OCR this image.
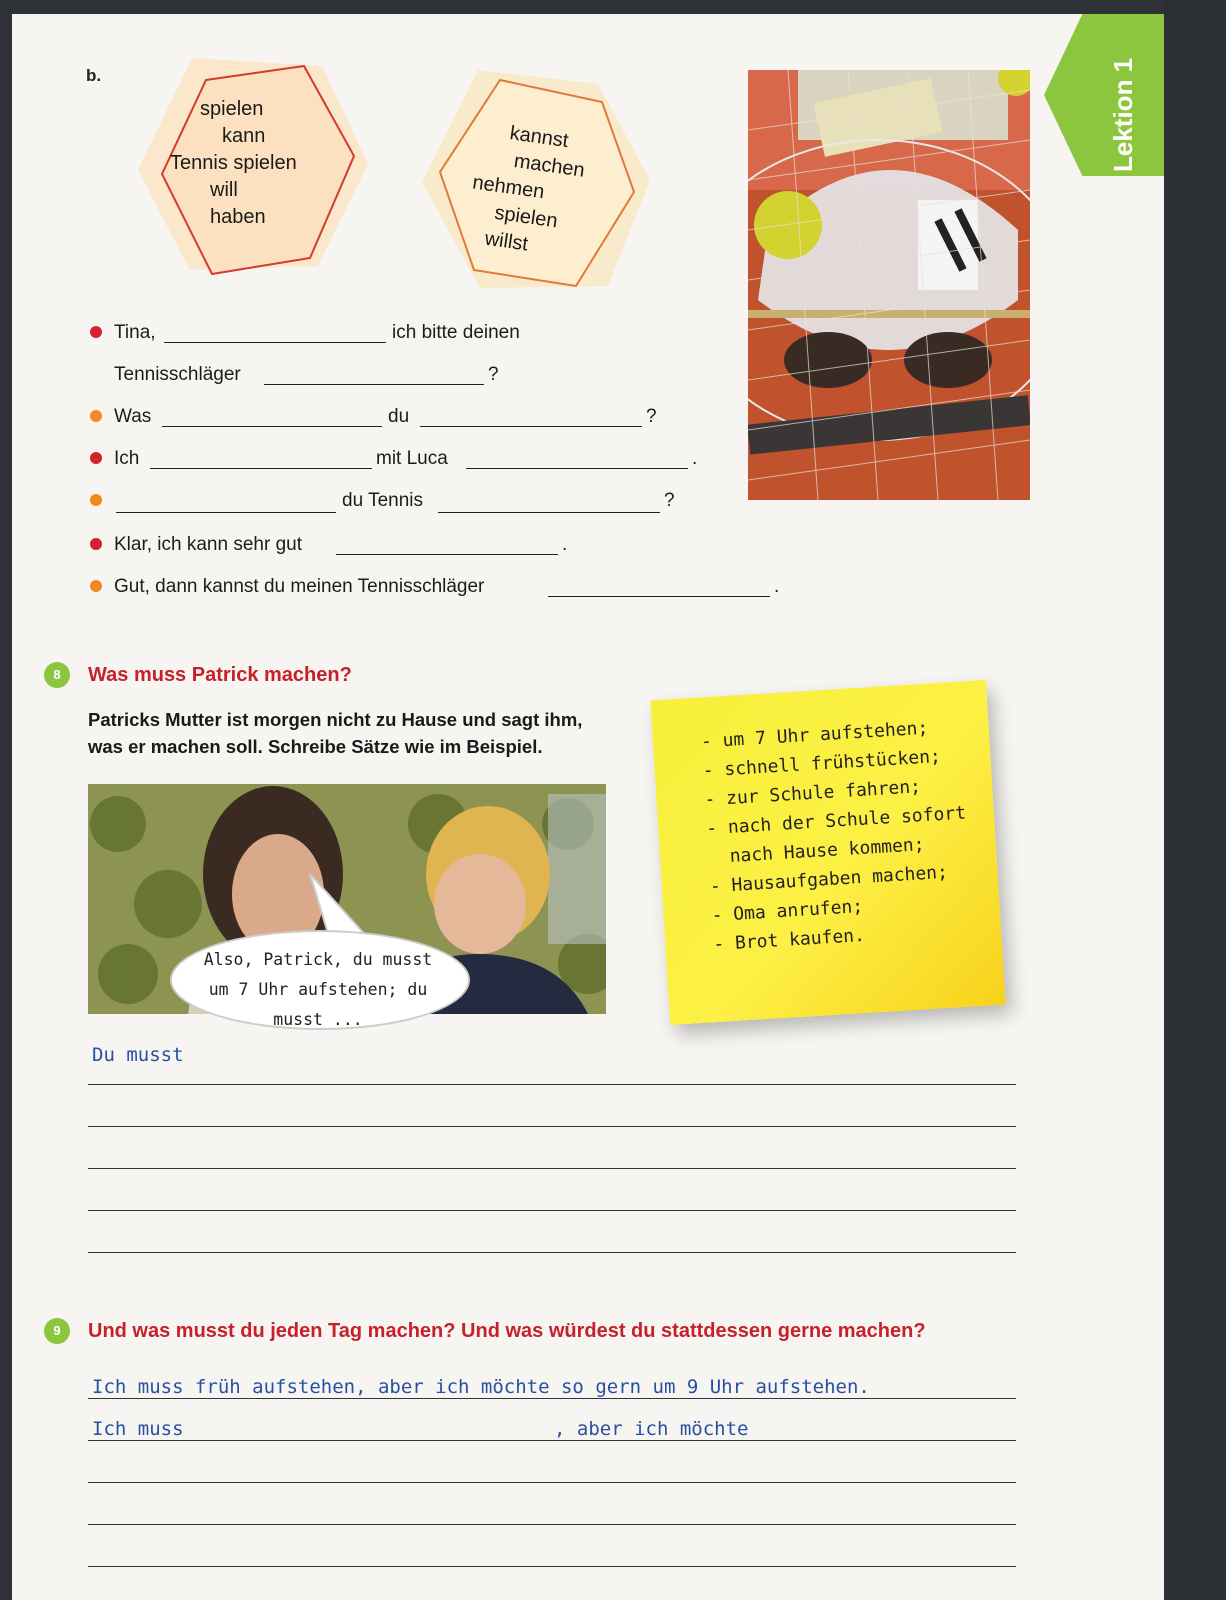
Lektion 1
b.
spielen
kann
Tennis spielen
will
haben
kannst
machen
nehmen
spielen
willst
Tina,	ich bitte deinen
Tennisschläger	?
Was	du	?
Ich	mit Luca	.
du Tennis	?
Klar, ich kann sehr gut	.
Gut, dann kannst du meinen Tennisschläger	.
8	Was muss Patrick machen?
Patricks Mutter ist morgen nicht zu Hause und sagt ihm,
was er machen soll. Schreibe Sätze wie im Beispiel.
Also, Patrick, du musst
um 7 Uhr aufstehen; du
musst ...
- um 7 Uhr aufstehen;
- schnell frühstücken;
- zur Schule fahren;
- nach der Schule sofort
nach Hause kommen;
- Hausaufgaben machen;
- Oma anrufen;
- Brot kaufen.
Du musst
9	Und was musst du jeden Tag machen? Und was würdest du stattdessen gerne machen?
Ich muss früh aufstehen, aber ich möchte so gern um 9 Uhr aufstehen.
Ich muss	, aber ich möchte
